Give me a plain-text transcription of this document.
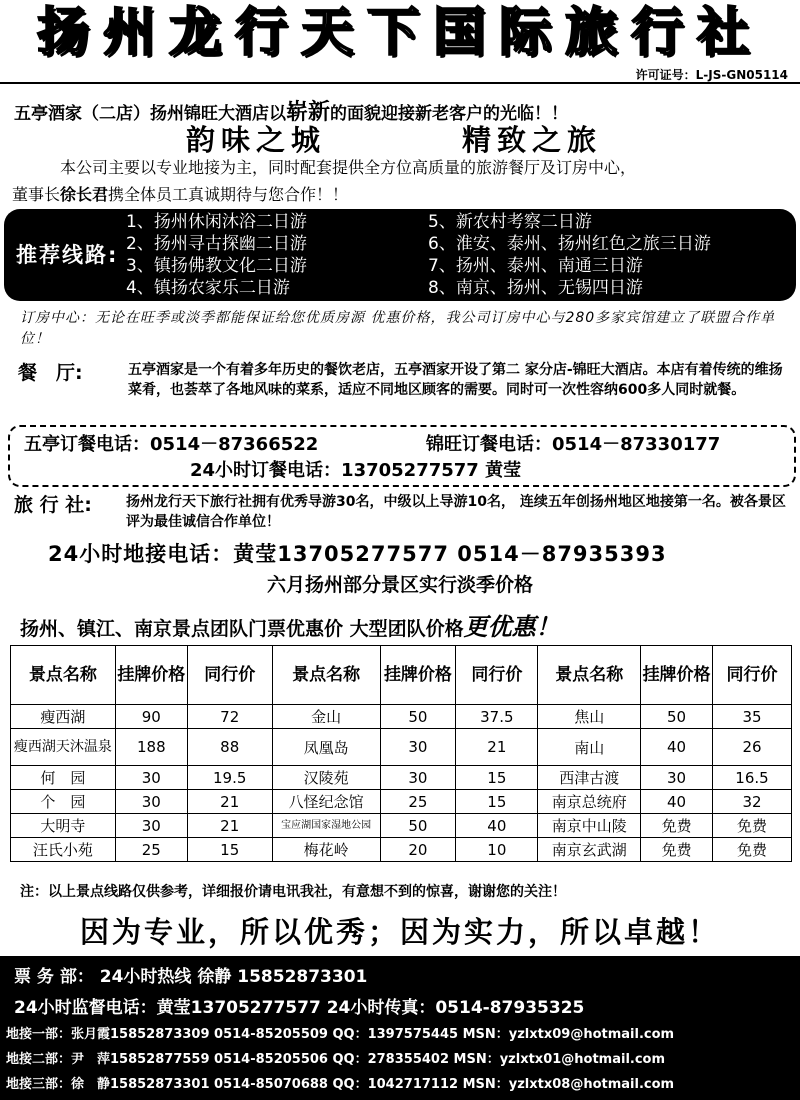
扬州龙行天下国际旅行社
许可证号：L-JS-GN05114
五亭酒家（二店）扬州锦旺大酒店以崭新的面貌迎接新老客户的光临！！
韵味之城	精致之旅
本公司主要以专业地接为主，同时配套提供全方位高质量的旅游餐厅及订房中心，
董事长徐长君携全体员工真诚期待与您合作！！
推荐线路:
1、扬州休闲沐浴二日游
2、扬州寻古探幽二日游
3、镇扬佛教文化二日游
4、镇扬农家乐二日游
5、新农村考察二日游
6、淮安、泰州、扬州红色之旅三日游
7、扬州、泰州、南通三日游
8、南京、扬州、无锡四日游
订房中心：无论在旺季或淡季都能保证给您优质房源 优惠价格，我公司订房中心与280多家宾馆建立了联盟合作单位！
餐　厅:	五亭酒家是一个有着多年历史的餐饮老店，五亭酒家开设了第二 家分店-锦旺大酒店。本店有着传统的维扬菜肴，也荟萃了各地风味的菜系，适应不同地区顾客的需要。同时可一次性容纳600多人同时就餐。
五亭订餐电话：0514－87366522	锦旺订餐电话：0514－87330177
24小时订餐电话：13705277577 黄莹
旅 行 社: 扬州龙行天下旅行社拥有优秀导游30名，中级以上导游10名， 连续五年创扬州地区地接第一名。被各景区评为最佳诚信合作单位！
24小时地接电话：黄莹13705277577 0514－87935393
六月扬州部分景区实行淡季价格
扬州、镇江、南京景点团队门票优惠价 大型团队价格更优惠！
景点名称	挂牌价格	同行价	景点名称	挂牌价格	同行价	景点名称	挂牌价格	同行价
瘦西湖	90	72	金山	50	37.5	焦山	50	35
瘦西湖天沐温泉	188	88	凤凰岛	30	21	南山	40	26
何　园	30	19.5	汉陵苑	30	15	西津古渡	30	16.5
个　园	30	21	八怪纪念馆	25	15	南京总统府	40	32
大明寺	30	21	宝应湖国家湿地公园	50	40	南京中山陵	免费	免费
汪氏小苑	25	15	梅花岭	20	10	南京玄武湖	免费	免费
注：以上景点线路仅供参考，详细报价请电讯我社，有意想不到的惊喜，谢谢您的关注！
因为专业，所以优秀；因为实力，所以卓越！
票 务 部： 24小时热线 徐静 15852873301
24小时监督电话：黄莹13705277577 24小时传真：0514-87935325
地接一部：张月霞15852873309 0514-85205509 QQ：1397575445 MSN：yzlxtx09@hotmail.com
地接二部：尹　萍15852877559 0514-85205506 QQ：278355402 MSN：yzlxtx01@hotmail.com
地接三部：徐　静15852873301 0514-85070688 QQ：1042717112 MSN：yzlxtx08@hotmail.com
